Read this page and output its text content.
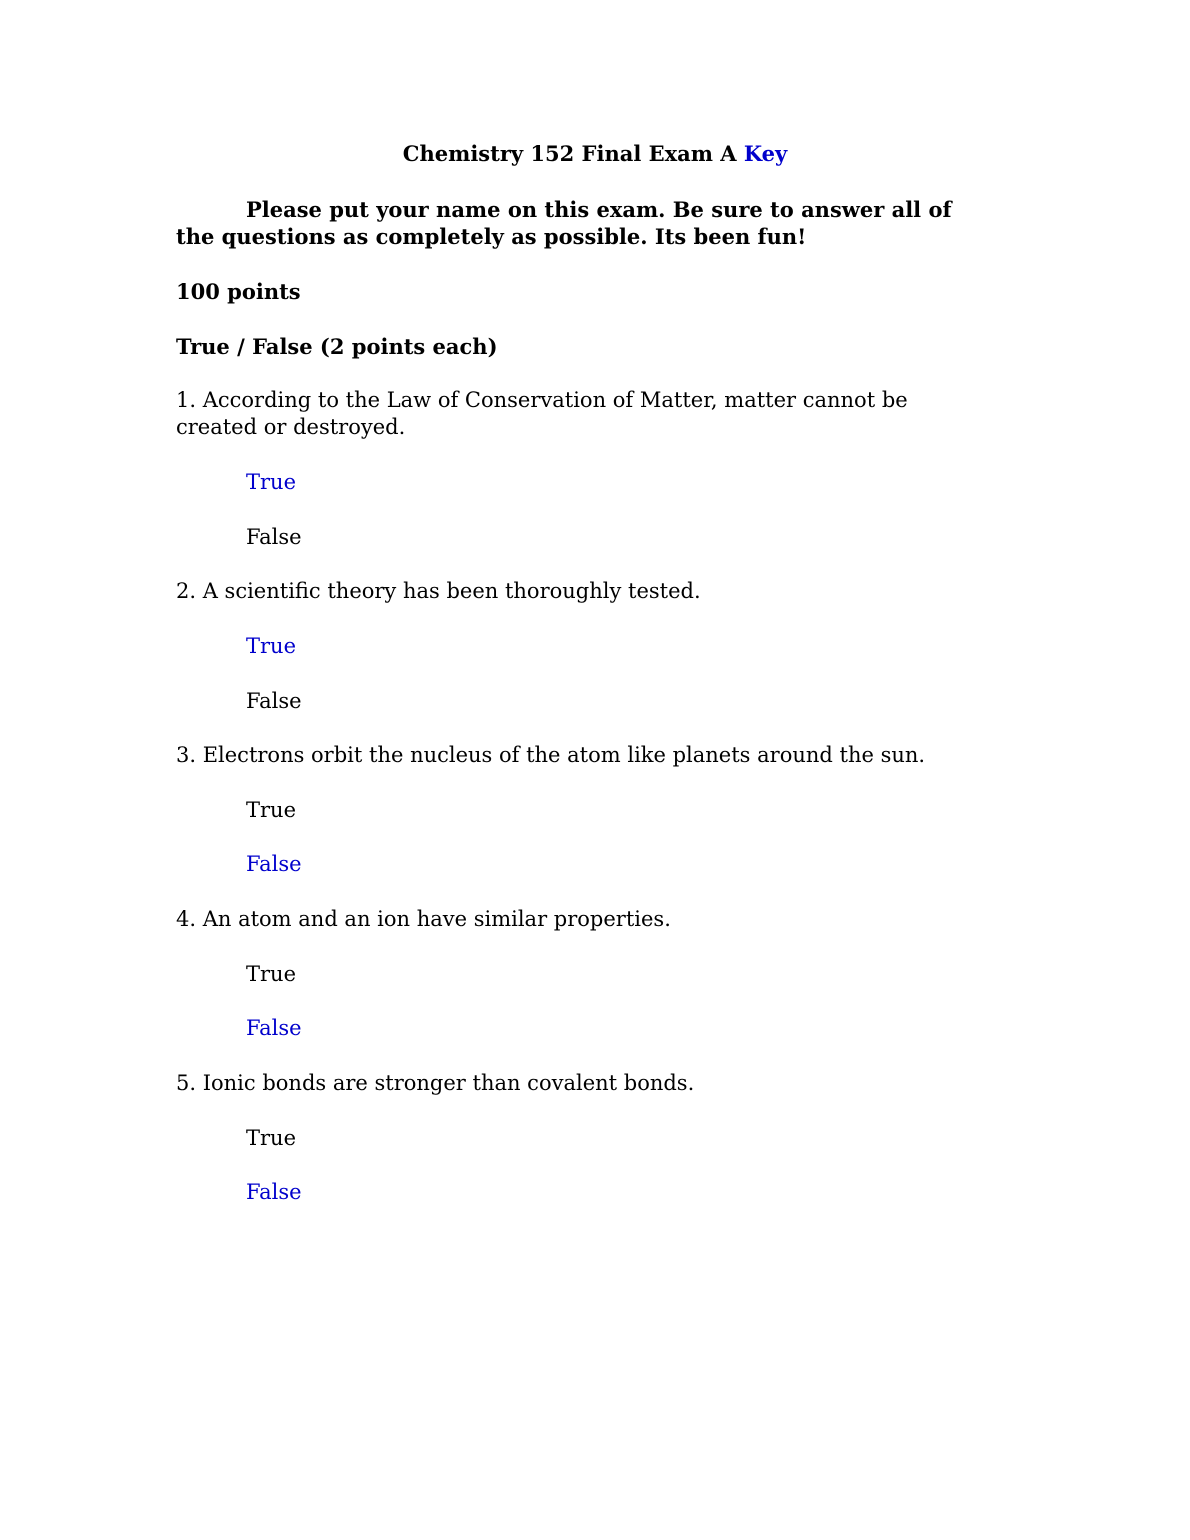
Chemistry 152 Final Exam A Key
Please put your name on this exam. Be sure to answer all of the questions as completely as possible. Its been fun!
100 points
True / False (2 points each)
1. According to the Law of Conservation of Matter, matter cannot be created or destroyed.
True
False
2. A scientific theory has been thoroughly tested.
True
False
3. Electrons orbit the nucleus of the atom like planets around the sun.
True
False
4. An atom and an ion have similar properties.
True
False
5. Ionic bonds are stronger than covalent bonds.
True
False
